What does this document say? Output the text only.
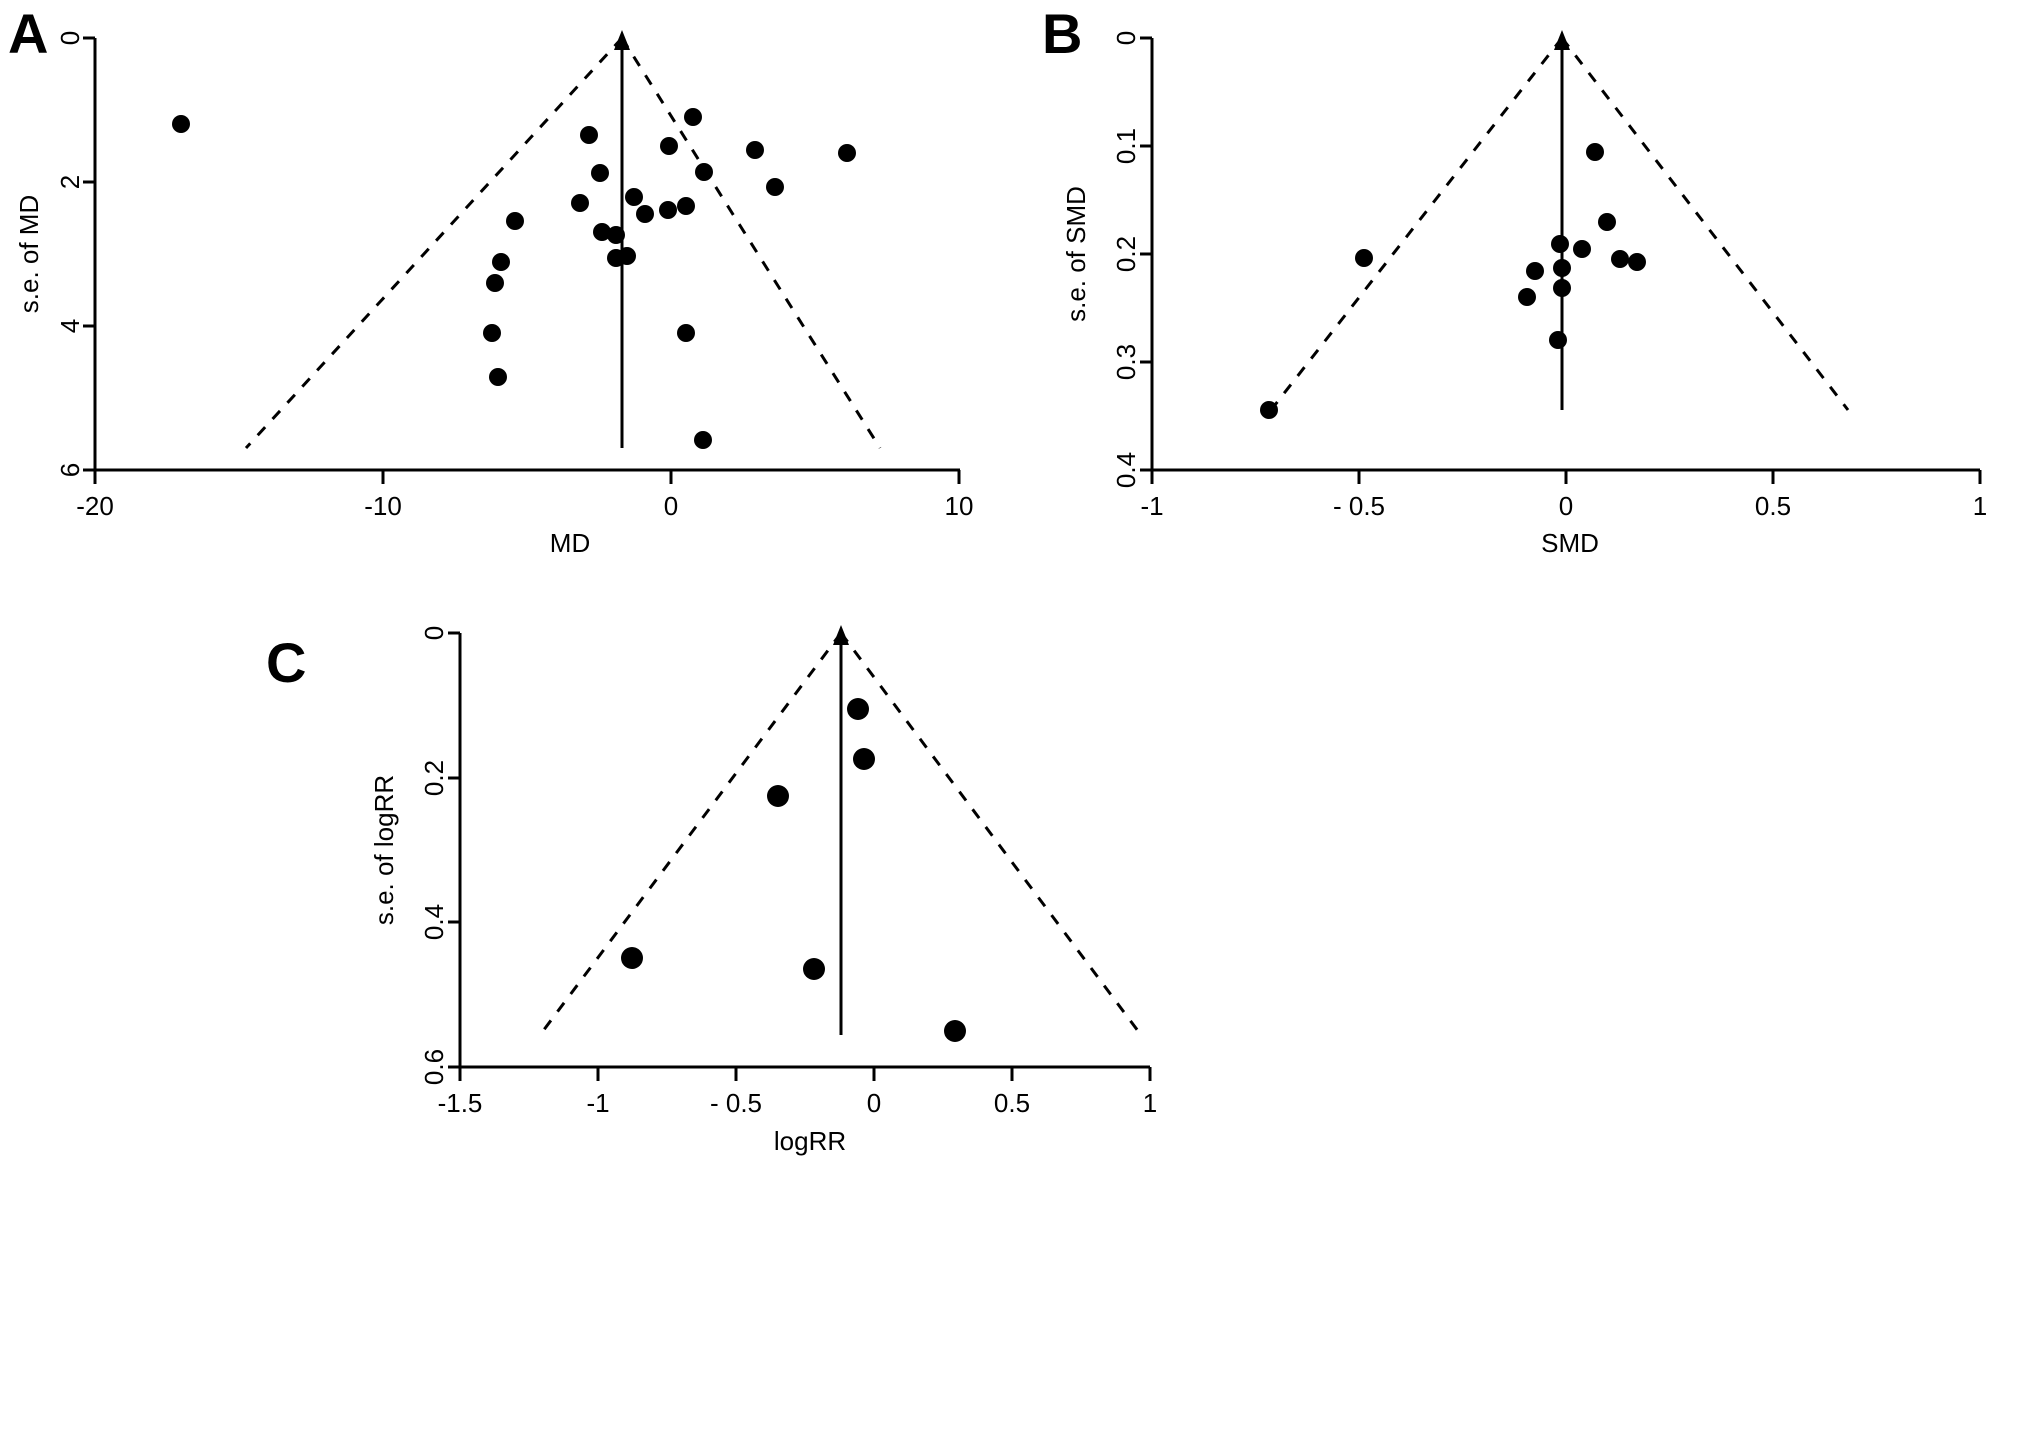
A 0
2
4
6
-20	-10	0	10
s.e. of MD
MD
B 0
0.1
0.2
0.3
0.4
-1	- 0.5	0	0.5	1
s.e. of SMD
SMD
C	0
0.2
0.4
0.6
-1.5	-1	- 0.5	0	0.5	1
s.e. of logRR
logRR
